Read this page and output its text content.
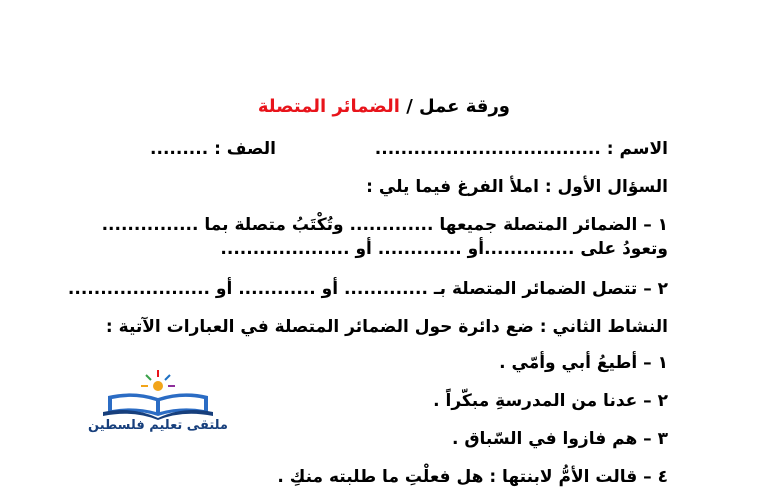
ورقة عمل / الضمائر المتصلة
الاسم : ...................................
الصف : .........
السؤال الأول : املأ الفرغ فيما يلي :
١ – الضمائر المتصلة جميعها ............. وتُكْتَبُ متصلة بما ...............
وتعودُ على ..............أو ............. أو ....................
٢ – تتصل الضمائر المتصلة بـ ............. أو ............ أو ......................
النشاط الثاني : ضع دائرة حول الضمائر المتصلة في العبارات الآتية :
١ – أطيعُ أبي وأمّي .
٢ – عدنا من المدرسةِ مبكّراً .
٣ – هم فازوا في السّباق .
٤ – قالت الأمُّ لابنتها : هل فعلْتِ ما طلبته منكِ .
ملتقى تعليم فلسطين
